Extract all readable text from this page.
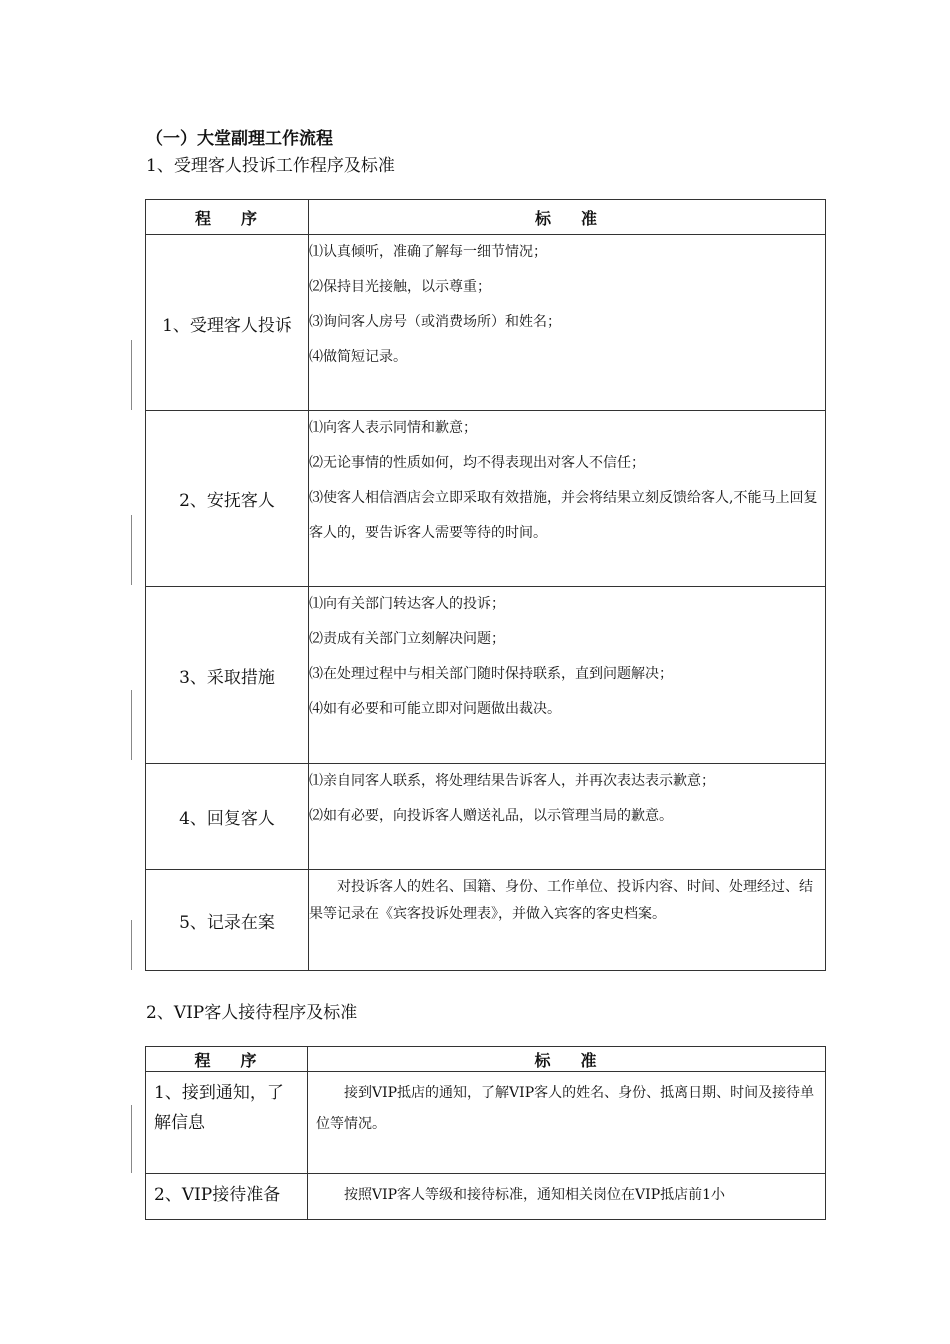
（一）大堂副理工作流程
1、受理客人投诉工作程序及标准
程 序	标 准
1、受理客人投诉	⑴认真倾听，准确了解每一细节情况；
⑵保持目光接触，以示尊重；
⑶询问客人房号（或消费场所）和姓名；
⑷做简短记录。

2、安抚客人	⑴向客人表示同情和歉意；
⑵无论事情的性质如何，均不得表现出对客人不信任；
⑶使客人相信酒店会立即采取有效措施，并会将结果立刻反馈给客人,不能马上回复客人的，要告诉客人需要等待的时间。

3、采取措施	⑴向有关部门转达客人的投诉；
⑵责成有关部门立刻解决问题；
⑶在处理过程中与相关部门随时保持联系，直到问题解决；
⑷如有必要和可能立即对问题做出裁决。

4、回复客人	⑴亲自同客人联系，将处理结果告诉客人，并再次表达表示歉意；
⑵如有必要，向投诉客人赠送礼品，以示管理当局的歉意。

5、记录在案	对投诉客人的姓名、国籍、身份、工作单位、投诉内容、时间、处理经过、结果等记录在《宾客投诉处理表》，并做入宾客的客史档案。
2、VIP客人接待程序及标准
程 序	标 准
1、接到通知，了解信息	接到VIP抵店的通知，了解VIP客人的姓名、身份、抵离日期、时间及接待单位等情况。
2、VIP接待准备	按照VIP客人等级和接待标准，通知相关岗位在VIP抵店前1小
